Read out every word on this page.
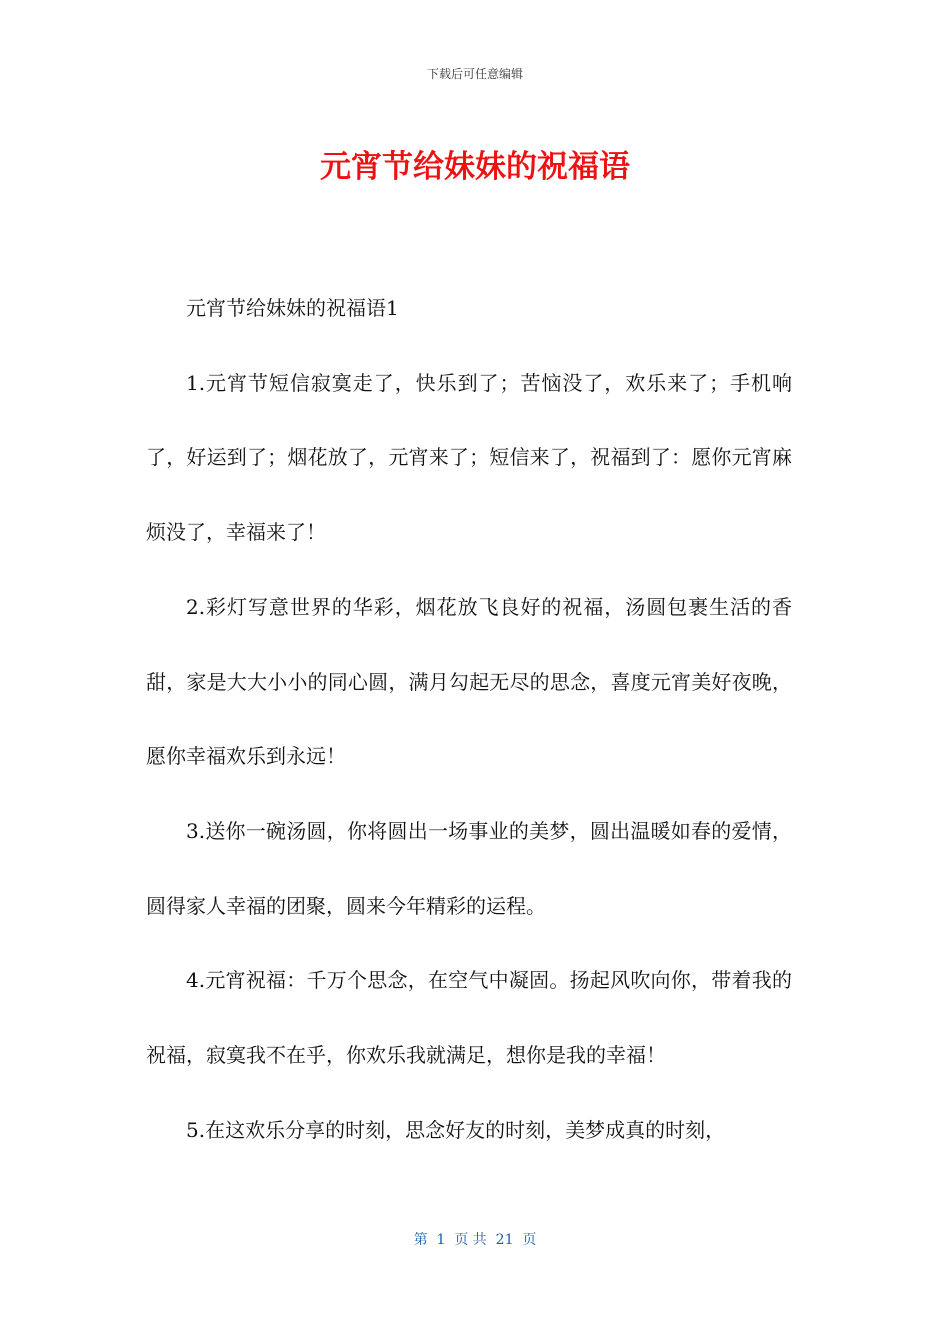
下载后可任意编辑
元宵节给妹妹的祝福语

元宵节给妹妹的祝福语1

1.元宵节短信寂寞走了，快乐到了；苦恼没了，欢乐来了；手机响了，好运到了；烟花放了，元宵来了；短信来了，祝福到了：愿你元宵麻烦没了，幸福来了！

2.彩灯写意世界的华彩，烟花放飞良好的祝福，汤圆包裹生活的香甜，家是大大小小的同心圆，满月勾起无尽的思念，喜度元宵美好夜晚，愿你幸福欢乐到永远！

3.送你一碗汤圆，你将圆出一场事业的美梦，圆出温暖如春的爱情，圆得家人幸福的团聚，圆来今年精彩的运程。

4.元宵祝福：千万个思念，在空气中凝固。扬起风吹向你，带着我的祝福，寂寞我不在乎，你欢乐我就满足，想你是我的幸福！

5.在这欢乐分享的时刻，思念好友的时刻，美梦成真的时刻，

第  1  页 共  21  页
